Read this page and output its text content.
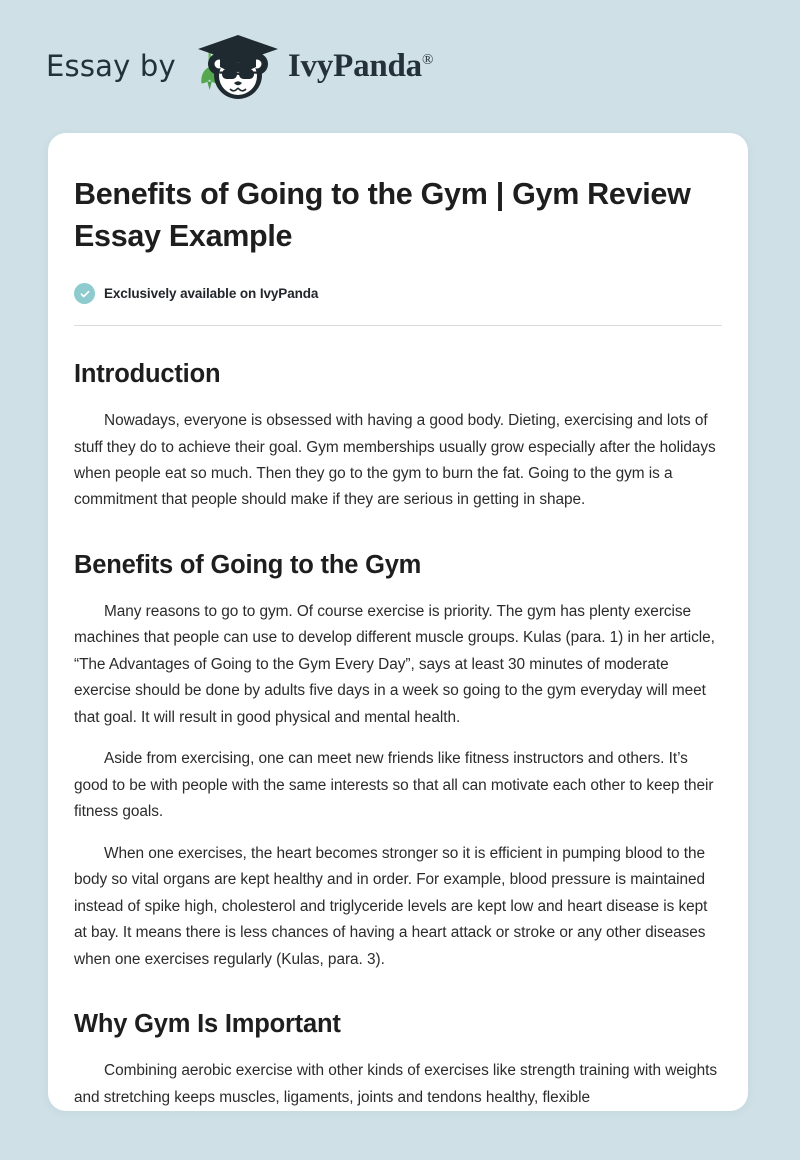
Essay by	IvyPanda®
Benefits of Going to the Gym | Gym Review Essay Example
Exclusively available on IvyPanda
Introduction

Nowadays, everyone is obsessed with having a good body. Dieting, exercising and lots of stuff they do to achieve their goal. Gym memberships usually grow especially after the holidays when people eat so much. Then they go to the gym to burn the fat. Going to the gym is a commitment that people should make if they are serious in getting in shape.

Benefits of Going to the Gym

Many reasons to go to gym. Of course exercise is priority. The gym has plenty exercise machines that people can use to develop different muscle groups. Kulas (para. 1) in her article, “The Advantages of Going to the Gym Every Day”, says at least 30 minutes of moderate exercise should be done by adults five days in a week so going to the gym everyday will meet that goal. It will result in good physical and mental health.

Aside from exercising, one can meet new friends like fitness instructors and others. It’s good to be with people with the same interests so that all can motivate each other to keep their fitness goals.

When one exercises, the heart becomes stronger so it is efficient in pumping blood to the body so vital organs are kept healthy and in order. For example, blood pressure is maintained instead of spike high, cholesterol and triglyceride levels are kept low and heart disease is kept at bay. It means there is less chances of having a heart attack or stroke or any other diseases when one exercises regularly (Kulas, para. 3).

Why Gym Is Important

Combining aerobic exercise with other kinds of exercises like strength training with weights and stretching keeps muscles, ligaments, joints and tendons healthy, flexible
